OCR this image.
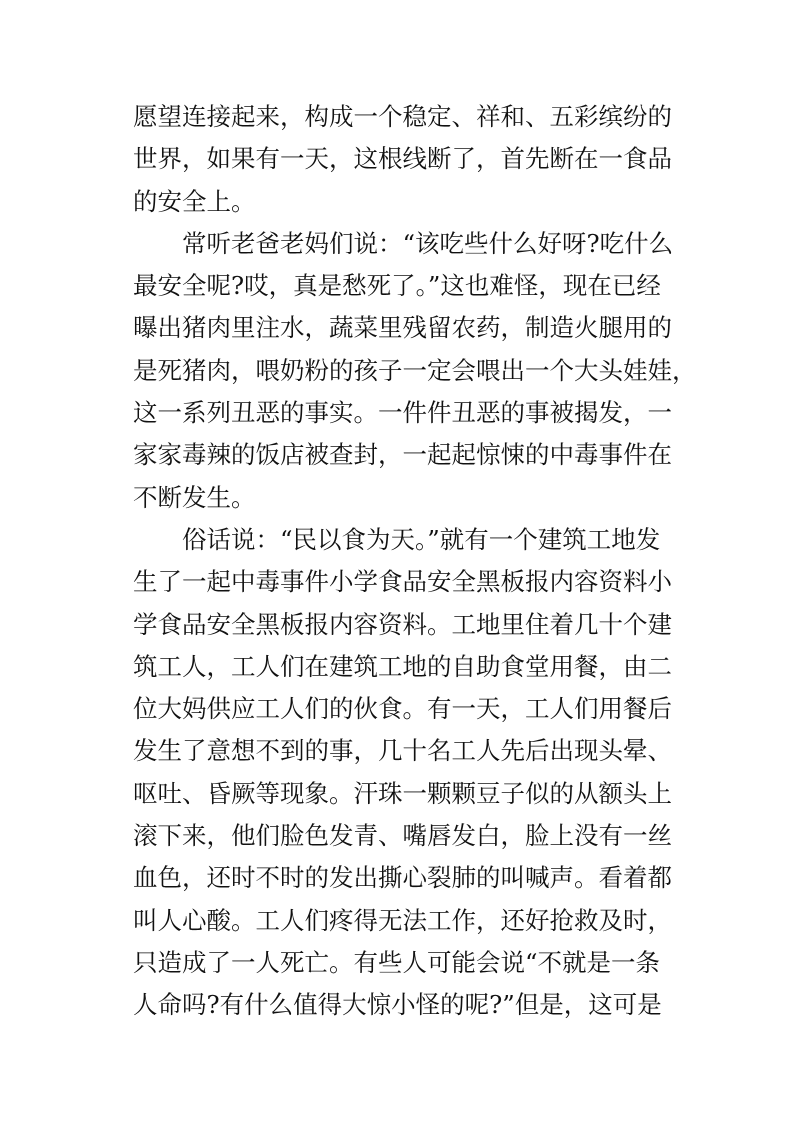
愿望连接起来，构成一个稳定、祥和、五彩缤纷的
世界，如果有一天，这根线断了，首先断在一食品
的安全上。
常听老爸老妈们说：“该吃些什么好呀?吃什么
最安全呢?哎，真是愁死了。”这也难怪，现在已经
曝出猪肉里注水，蔬菜里残留农药，制造火腿用的
是死猪肉，喂奶粉的孩子一定会喂出一个大头娃娃，
这一系列丑恶的事实。一件件丑恶的事被揭发，一
家家毒辣的饭店被查封，一起起惊悚的中毒事件在
不断发生。
俗话说：“民以食为天。”就有一个建筑工地发
生了一起中毒事件小学食品安全黑板报内容资料小
学食品安全黑板报内容资料。工地里住着几十个建
筑工人，工人们在建筑工地的自助食堂用餐，由二
位大妈供应工人们的伙食。有一天，工人们用餐后
发生了意想不到的事，几十名工人先后出现头晕、
呕吐、昏厥等现象。汗珠一颗颗豆子似的从额头上
滚下来，他们脸色发青、嘴唇发白，脸上没有一丝
血色，还时不时的发出撕心裂肺的叫喊声。看着都
叫人心酸。工人们疼得无法工作，还好抢救及时，
只造成了一人死亡。有些人可能会说“不就是一条
人命吗?有什么值得大惊小怪的呢?”但是，这可是
